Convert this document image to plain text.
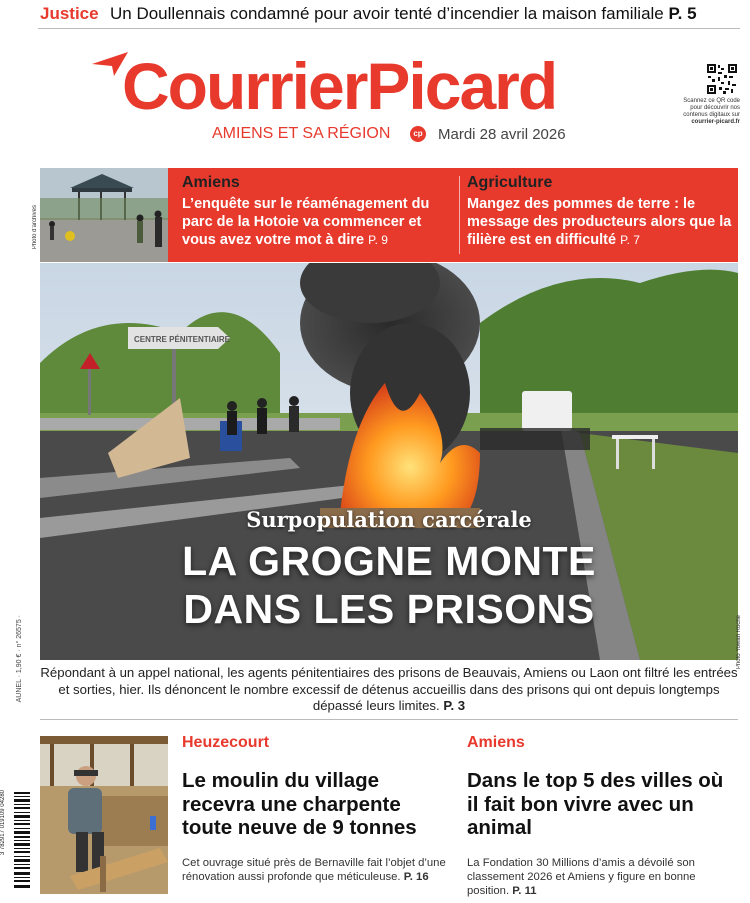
Justice Un Doullennais condamné pour avoir tenté d’incendier la maison familiale P. 5
CourrierPicard
AMIENS ET SA RÉGION	cp Mardi 28 avril 2026
Scannez ce QR code pour découvrir nos contenus digitaux sur
courrier-picard.fr
Photo d'archives
Amiens
L’enquête sur le réaménagement du parc de la Hotoie va commencer et vous avez votre mot à dire P. 9
Agriculture
Mangez des pommes de terre : le message des producteurs alors que la filière est en difficulté P. 7
CENTRE PÉNITENTIAIRE
Surpopulation carcérale
LA GROGNE MONTE
DANS LES PRISONS
Photo Yowan Roche
Répondant à un appel national, les agents pénitentiaires des prisons de Beauvais, Amiens ou Laon ont filtré les entrées et sorties, hier. Ils dénoncent le nombre excessif de détenus accueillis dans des prisons qui ont depuis longtemps dépassé leurs limites. P. 3
AUNEL · 1,90 € · n° 26575 ·
3 782917 019109 04280	Photo Magali Marchal
Heuzecourt
Le moulin du village recevra une charpente toute neuve de 9 tonnes
Cet ouvrage situé près de Bernaville fait l’objet d’une rénovation aussi profonde que méticuleuse. P. 16
Amiens
Dans le top 5 des villes où il fait bon vivre avec un animal
La Fondation 30 Millions d’amis a dévoilé son classement 2026 et Amiens y figure en bonne position. P. 11
